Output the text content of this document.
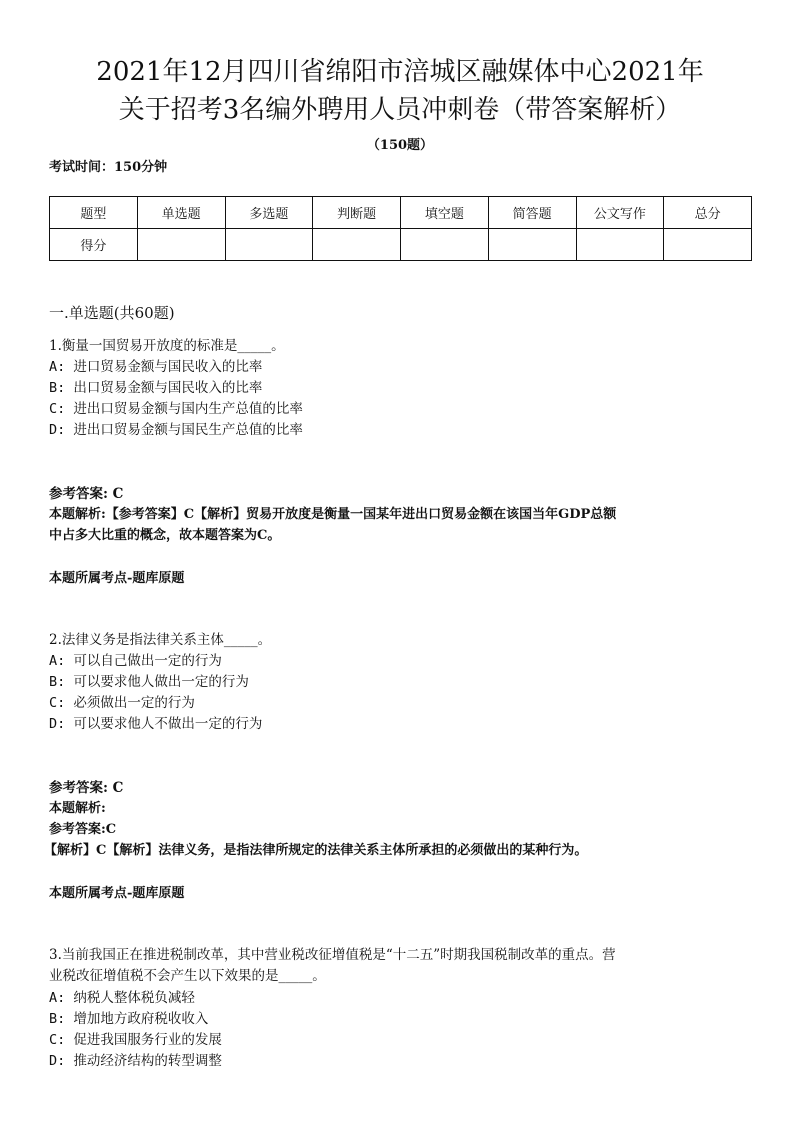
2021年12月四川省绵阳市涪城区融媒体中心2021年
关于招考3名编外聘用人员冲刺卷（带答案解析）
（150题）
考试时间：150分钟
题型	单选题	多选题	判断题	填空题	简答题	公文写作	总分
得分							
一.单选题(共60题)
1.衡量一国贸易开放度的标准是_____。
A: 进口贸易金额与国民收入的比率
B: 出口贸易金额与国民收入的比率
C: 进出口贸易金额与国内生产总值的比率
D: 进出口贸易金额与国民生产总值的比率
参考答案: C
本题解析:【参考答案】C【解析】贸易开放度是衡量一国某年进出口贸易金额在该国当年GDP总额
中占多大比重的概念，故本题答案为C。
本题所属考点-题库原题
2.法律义务是指法律关系主体_____。
A: 可以自己做出一定的行为
B: 可以要求他人做出一定的行为
C: 必须做出一定的行为
D: 可以要求他人不做出一定的行为
参考答案: C
本题解析:
参考答案:C
【解析】C【解析】法律义务，是指法律所规定的法律关系主体所承担的必须做出的某种行为。
本题所属考点-题库原题
3.当前我国正在推进税制改革，其中营业税改征增值税是“十二五”时期我国税制改革的重点。营
业税改征增值税不会产生以下效果的是_____。
A: 纳税人整体税负减轻
B: 增加地方政府税收收入
C: 促进我国服务行业的发展
D: 推动经济结构的转型调整
